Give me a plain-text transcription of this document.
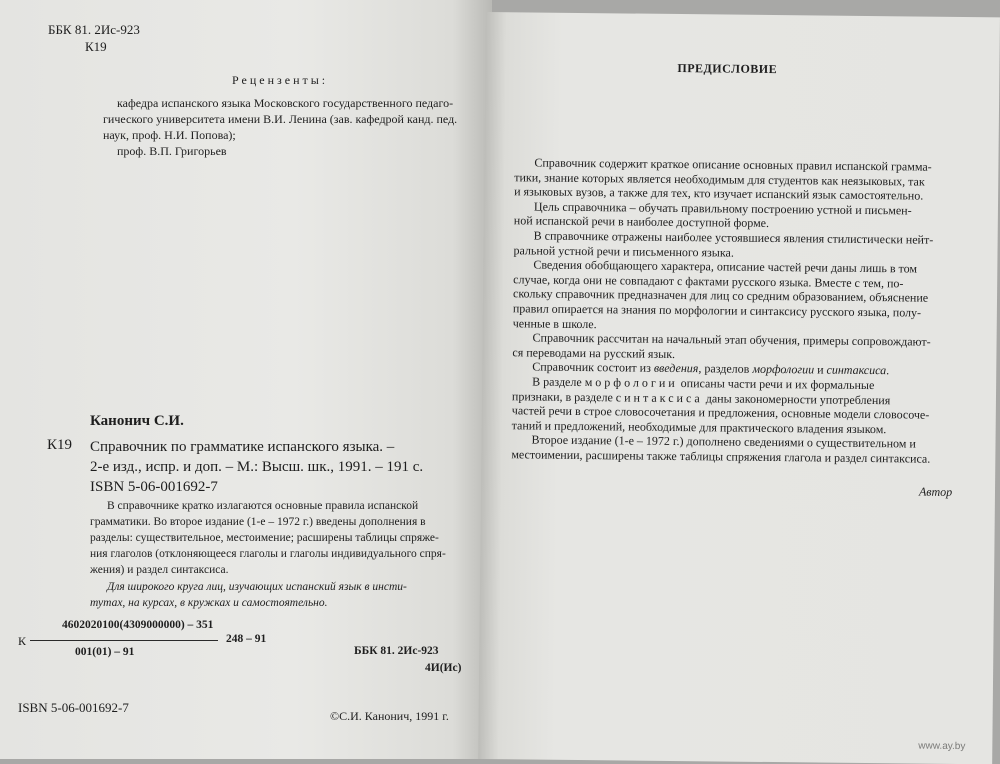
ББК 81. 2Ис-923
К19
Рецензенты:
кафедра испанского языка Московского государственного педаго-
гического университета имени В.И. Ленина (зав. кафедрой канд. пед.
наук, проф. Н.И. Попова);
проф. В.П. Григорьев
Канонич С.И.
К19 Справочник по грамматике испанского языка. –
2-е изд., испр. и доп. – М.: Высш. шк., 1991. – 191 с.
ISBN 5-06-001692-7
В справочнике кратко излагаются основные правила испанской
грамматики. Во второе издание (1-е – 1972 г.) введены дополнения в
разделы: существительное, местоимение; расширены таблицы спряже-
ния глаголов (отклоняющееся глаголы и глаголы индивидуального спря-
жения) и раздел синтаксиса.
Для широкого круга лиц, изучающих испанский язык в инсти-
тутах, на курсах, в кружках и самостоятельно.
К
4602020100(4309000000) – 351
001(01) – 91
248 – 91
ББК 81. 2Ис-923
4И(Ис)
ISBN 5-06-001692-7
©С.И. Канонич, 1991 г.
ПРЕДИСЛОВИЕ
Справочник содержит краткое описание основных правил испанской грамма-
тики, знание которых является необходимым для студентов как неязыковых, так
и языковых вузов, а также для тех, кто изучает испанский язык самостоятельно.
Цель справочника – обучать правильному построению устной и письмен-
ной испанской речи в наиболее доступной форме.
В справочнике отражены наиболее устоявшиеся явления стилистически нейт-
ральной устной речи и письменного языка.
Сведения обобщающего характера, описание частей речи даны лишь в том
случае, когда они не совпадают с фактами русского языка. Вместе с тем, по-
скольку справочник предназначен для лиц со средним образованием, объяснение
правил опирается на знания по морфологии и синтаксису русского языка, полу-
ченные в школе.
Справочник рассчитан на начальный этап обучения, примеры сопровождают-
ся переводами на русский язык.
Справочник состоит из введения, разделов морфологии и синтаксиса.
В разделе морфологии описаны части речи и их формальные
признаки, в разделе синтаксиса даны закономерности употребления
частей речи в строе словосочетания и предложения, основные модели словосоче-
таний и предложений, необходимые для практического владения языком.
Второе издание (1-е – 1972 г.) дополнено сведениями о существительном и
местоимении, расширены также таблицы спряжения глагола и раздел синтаксиса.
Автор
www.ay.by
